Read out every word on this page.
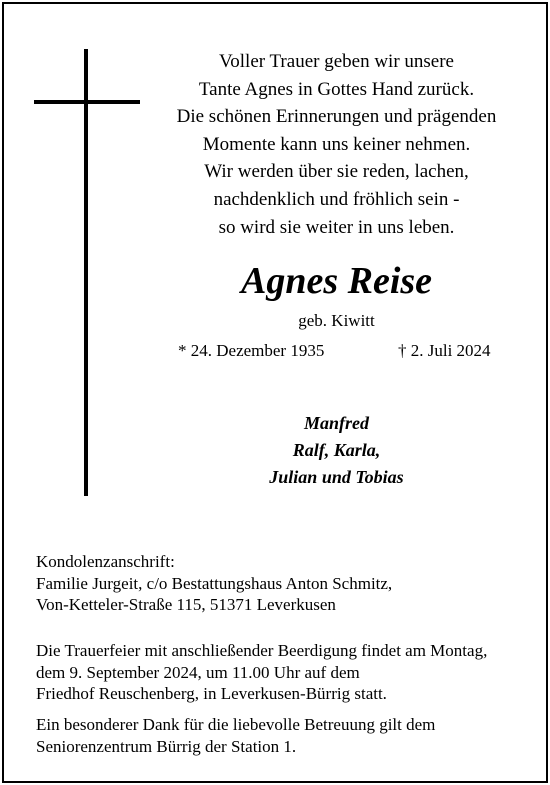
Voller Trauer geben wir unsere
Tante Agnes in Gottes Hand zurück.
Die schönen Erinnerungen und prägenden
Momente kann uns keiner nehmen.
Wir werden über sie reden, lachen,
nachdenklich und fröhlich sein -
so wird sie weiter in uns leben.
Agnes Reise
geb. Kiwitt
* 24. Dezember 1935	† 2. Juli 2024
Manfred
Ralf, Karla,
Julian und Tobias
Kondolenzanschrift:
Familie Jurgeit, c/o Bestattungshaus Anton Schmitz,
Von-Ketteler-Straße 115, 51371 Leverkusen
Die Trauerfeier mit anschließender Beerdigung findet am Montag,
dem 9. September 2024, um 11.00 Uhr auf dem
Friedhof Reuschenberg, in Leverkusen-Bürrig statt.
Ein besonderer Dank für die liebevolle Betreuung gilt dem
Seniorenzentrum Bürrig der Station 1.
